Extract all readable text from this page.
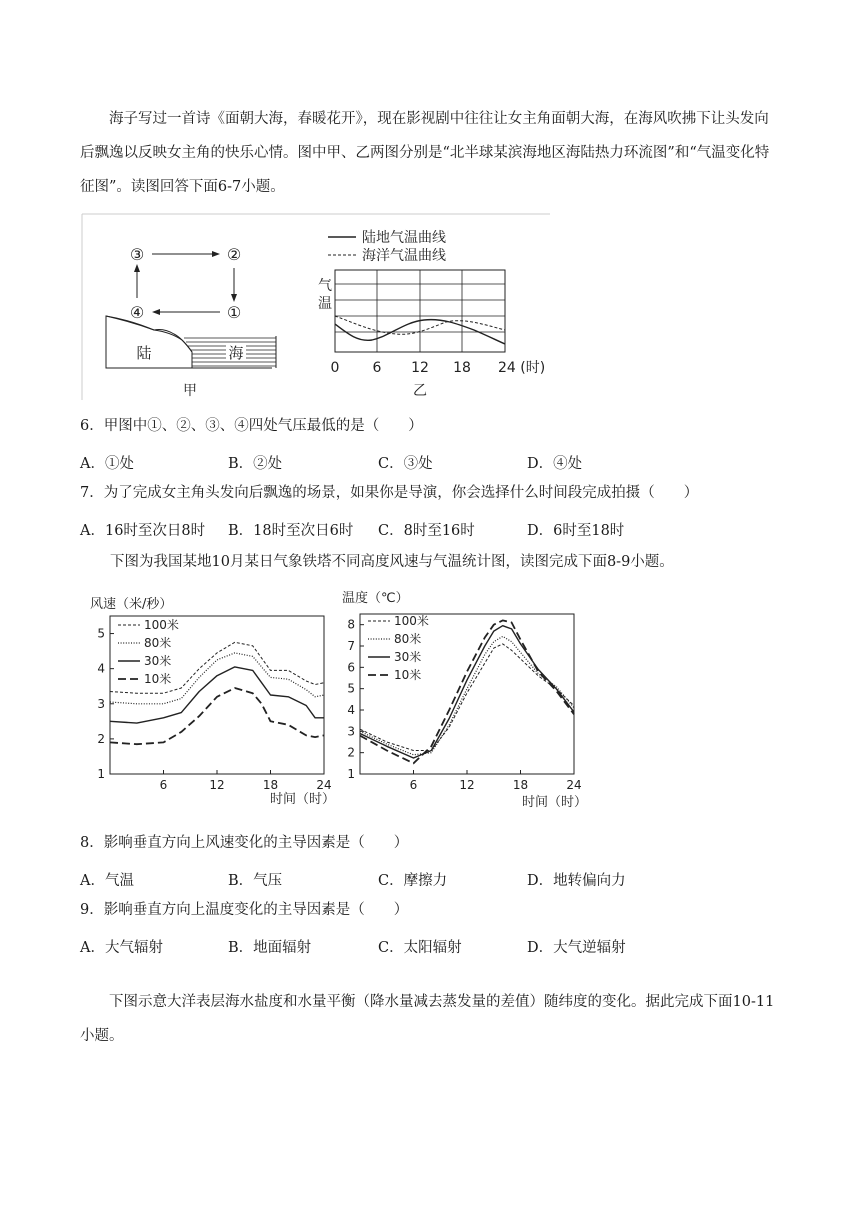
海子写过一首诗《面朝大海，春暖花开》，现在影视剧中往往让女主角面朝大海，在海风吹拂下让头发向后飘逸以反映女主角的快乐心情。图中甲、乙两图分别是“北半球某滨海地区海陆热力环流图”和“气温变化特征图”。读图回答下面6-7小题。
③	②
④	①
陆	海
甲
陆地气温曲线
海洋气温曲线
气
温
0 6 12 18 24 (时)
乙
6．甲图中①、②、③、④四处气压最低的是（　　）
A．①处	B．②处	C．③处	D．④处
7．为了完成女主角头发向后飘逸的场景，如果你是导演，你会选择什么时间段完成拍摄（　　）
A．16时至次日8时 B．18时至次日6时 C．8时至16时	D．6时至18时
下图为我国某地10月某日气象铁塔不同高度风速与气温统计图，读图完成下面8-9小题。
风速（米/秒）
时间（时）
1
2
3
4
5
6	12	18	24
100米
80米
30米
10米
温度（℃）
时间（时）
1
2
3
4
5
6
7
8
6	12	18	24
100米
80米
30米
10米
8．影响垂直方向上风速变化的主导因素是（　　）
A．气温	B．气压	C．摩擦力	D．地转偏向力
9．影响垂直方向上温度变化的主导因素是（　　）
A．大气辐射	B．地面辐射	C．太阳辐射	D．大气逆辐射
下图示意大洋表层海水盐度和水量平衡（降水量减去蒸发量的差值）随纬度的变化。据此完成下面10-11小题。
